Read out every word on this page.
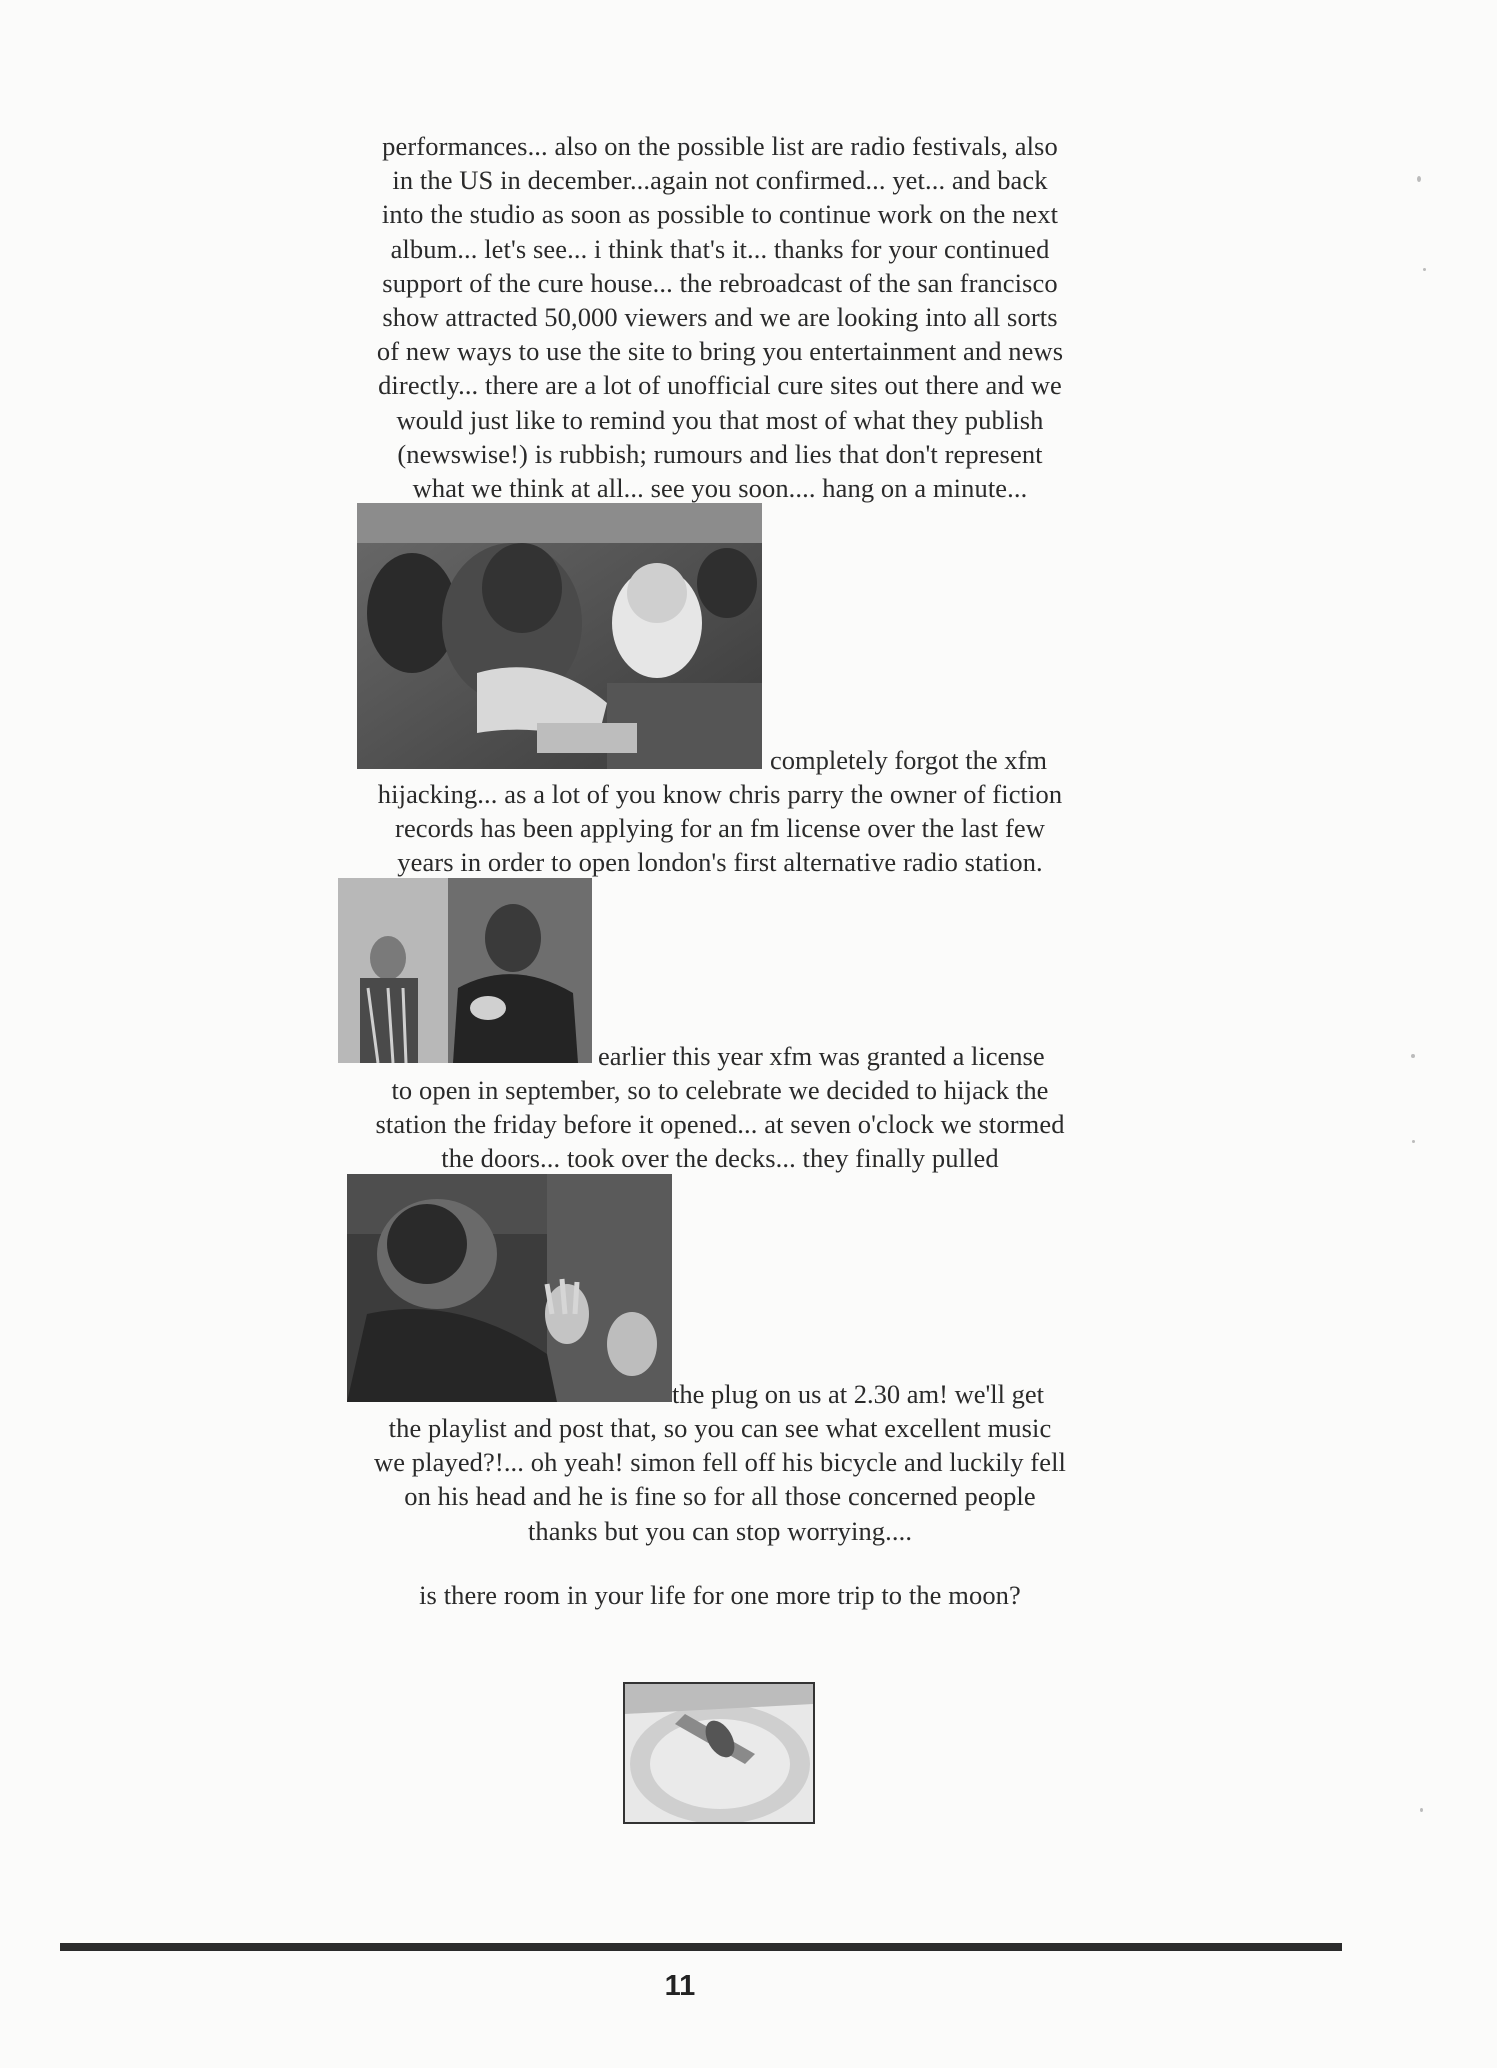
performances... also on the possible list are radio festivals, also
in the US in december...again not confirmed... yet... and back
into the studio as soon as possible to continue work on the next
album... let's see... i think that's it... thanks for your continued
support of the cure house... the rebroadcast of the san francisco
show attracted 50,000 viewers and we are looking into all sorts
of new ways to use the site to bring you entertainment and news
directly... there are a lot of unofficial cure sites out there and we
would just like to remind you that most of what they publish
(newswise!) is rubbish; rumours and lies that don't represent
what we think at all... see you soon.... hang on a minute...
completely forgot the xfm
hijacking... as a lot of you know chris parry the owner of fiction
records has been applying for an fm license over the last few
years in order to open london's first alternative radio station.
earlier this year xfm was granted a license
to open in september, so to celebrate we decided to hijack the
station the friday before it opened... at seven o'clock we stormed
the doors... took over the decks... they finally pulled
the plug on us at 2.30 am! we'll get
the playlist and post that, so you can see what excellent music
we played?!... oh yeah! simon fell off his bicycle and luckily fell
on his head and he is fine so for all those concerned people
thanks but you can stop worrying....
is there room in your life for one more trip to the moon?
11
